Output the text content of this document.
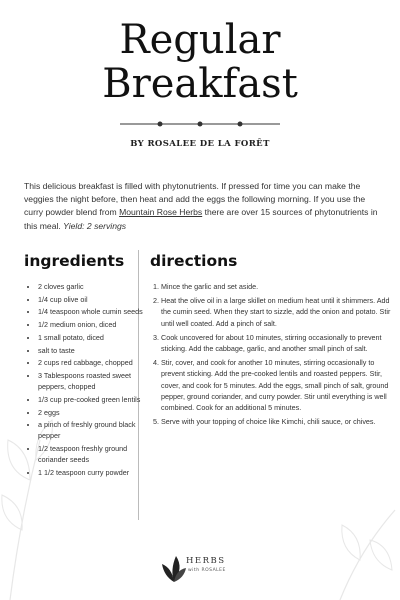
Regular
Breakfast
BY ROSALEE DE LA FORÊT

This delicious breakfast is filled with phytonutrients. If pressed for time you can make the veggies the night before, then heat and add the eggs the following morning. If you use the curry powder blend from Mountain Rose Herbs there are over 15 sources of phytonutrients in this meal. Yield: 2 servings

ingredients directions
• 2 cloves garlic
• 1/4 cup olive oil
• 1/4 teaspoon whole cumin seeds
• 1/2 medium onion, diced
• 1 small potato, diced
• salt to taste
• 2 cups red cabbage, chopped
• 3 Tablespoons roasted sweet peppers, chopped
• 1/3 cup pre-cooked green lentils
• 2 eggs
• a pinch of freshly ground black pepper
• 1/2 teaspoon freshly ground coriander seeds
• 1 1/2 teaspoon curry powder
1. Mince the garlic and set aside.
2. Heat the olive oil in a large skillet on medium heat until it shimmers. Add the cumin seed. When they start to sizzle, add the onion and potato. Stir until well coated. Add a pinch of salt.
3. Cook uncovered for about 10 minutes, stirring occasionally to prevent sticking. Add the cabbage, garlic, and another small pinch of salt.
4. Stir, cover, and cook for another 10 minutes, stirring occasionally to prevent sticking. Add the pre-cooked lentils and roasted peppers. Stir, cover, and cook for 5 minutes. Add the eggs, small pinch of salt, ground pepper, ground coriander, and curry powder. Stir until everything is well combined. Cook for an additional 5 minutes.
5. Serve with your topping of choice like Kimchi, chili sauce, or chives.
HERBS
with ROSALEE
